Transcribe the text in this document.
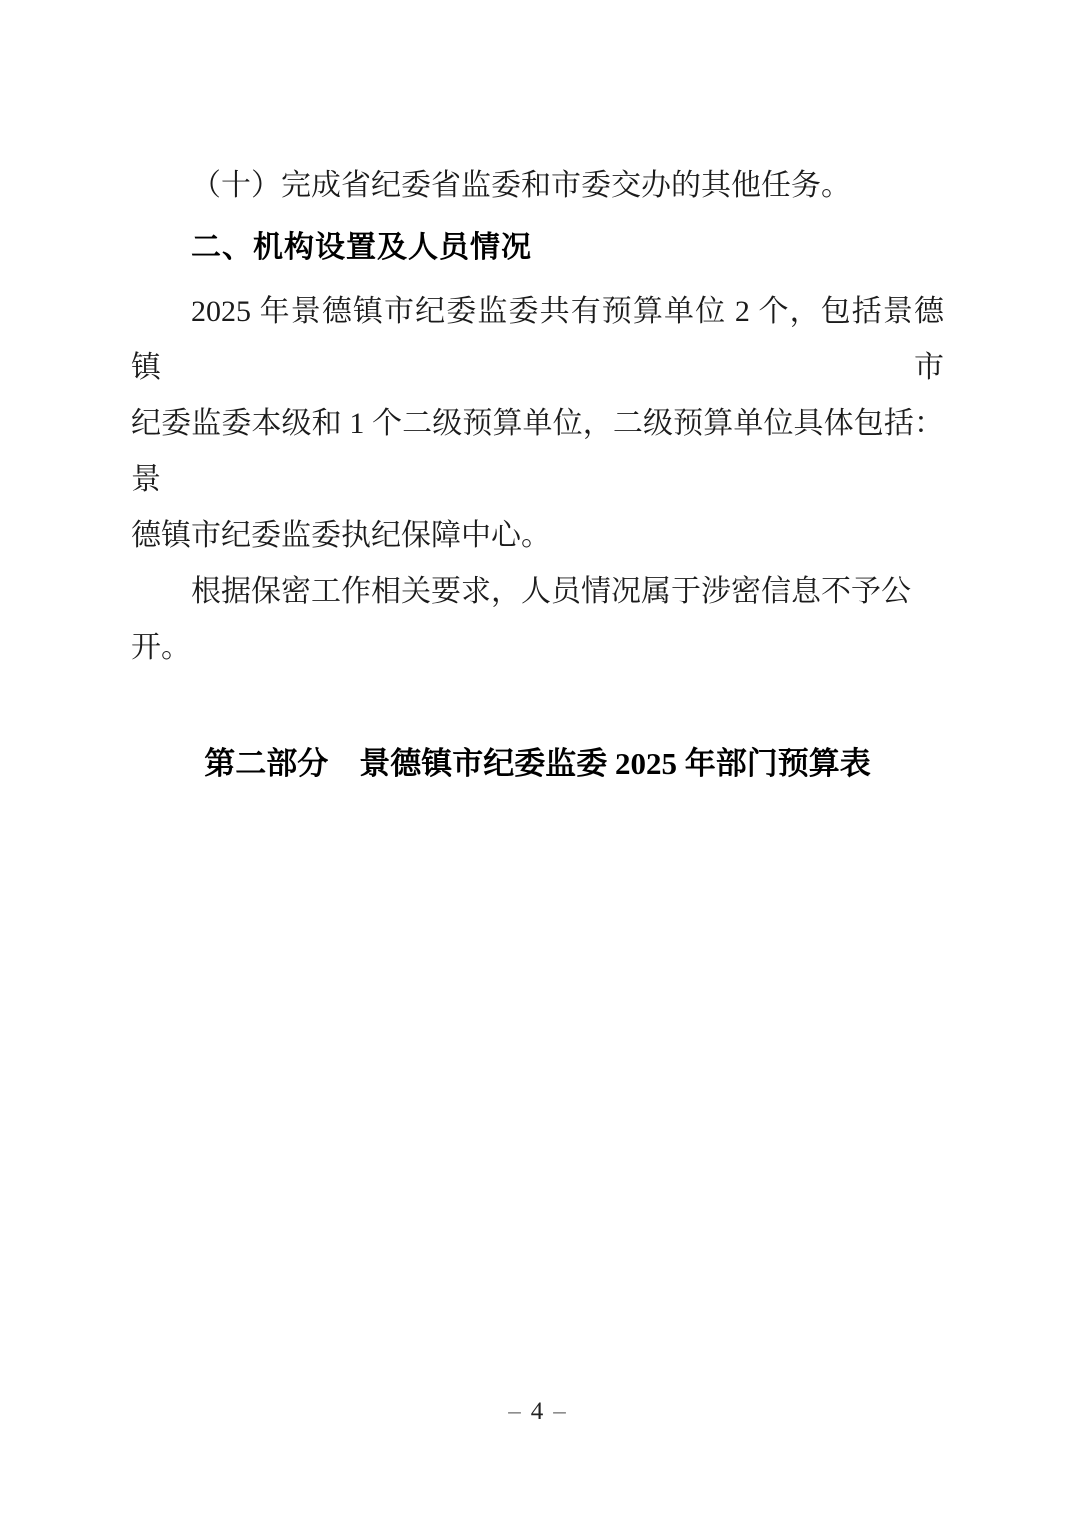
（十）完成省纪委省监委和市委交办的其他任务。

二、机构设置及人员情况

2025 年景德镇市纪委监委共有预算单位 2 个，包括景德镇市

纪委监委本级和 1 个二级预算单位，二级预算单位具体包括：景

德镇市纪委监委执纪保障中心。

根据保密工作相关要求，人员情况属于涉密信息不予公开。

第二部分　景德镇市纪委监委 2025 年部门预算表
– 4 –
